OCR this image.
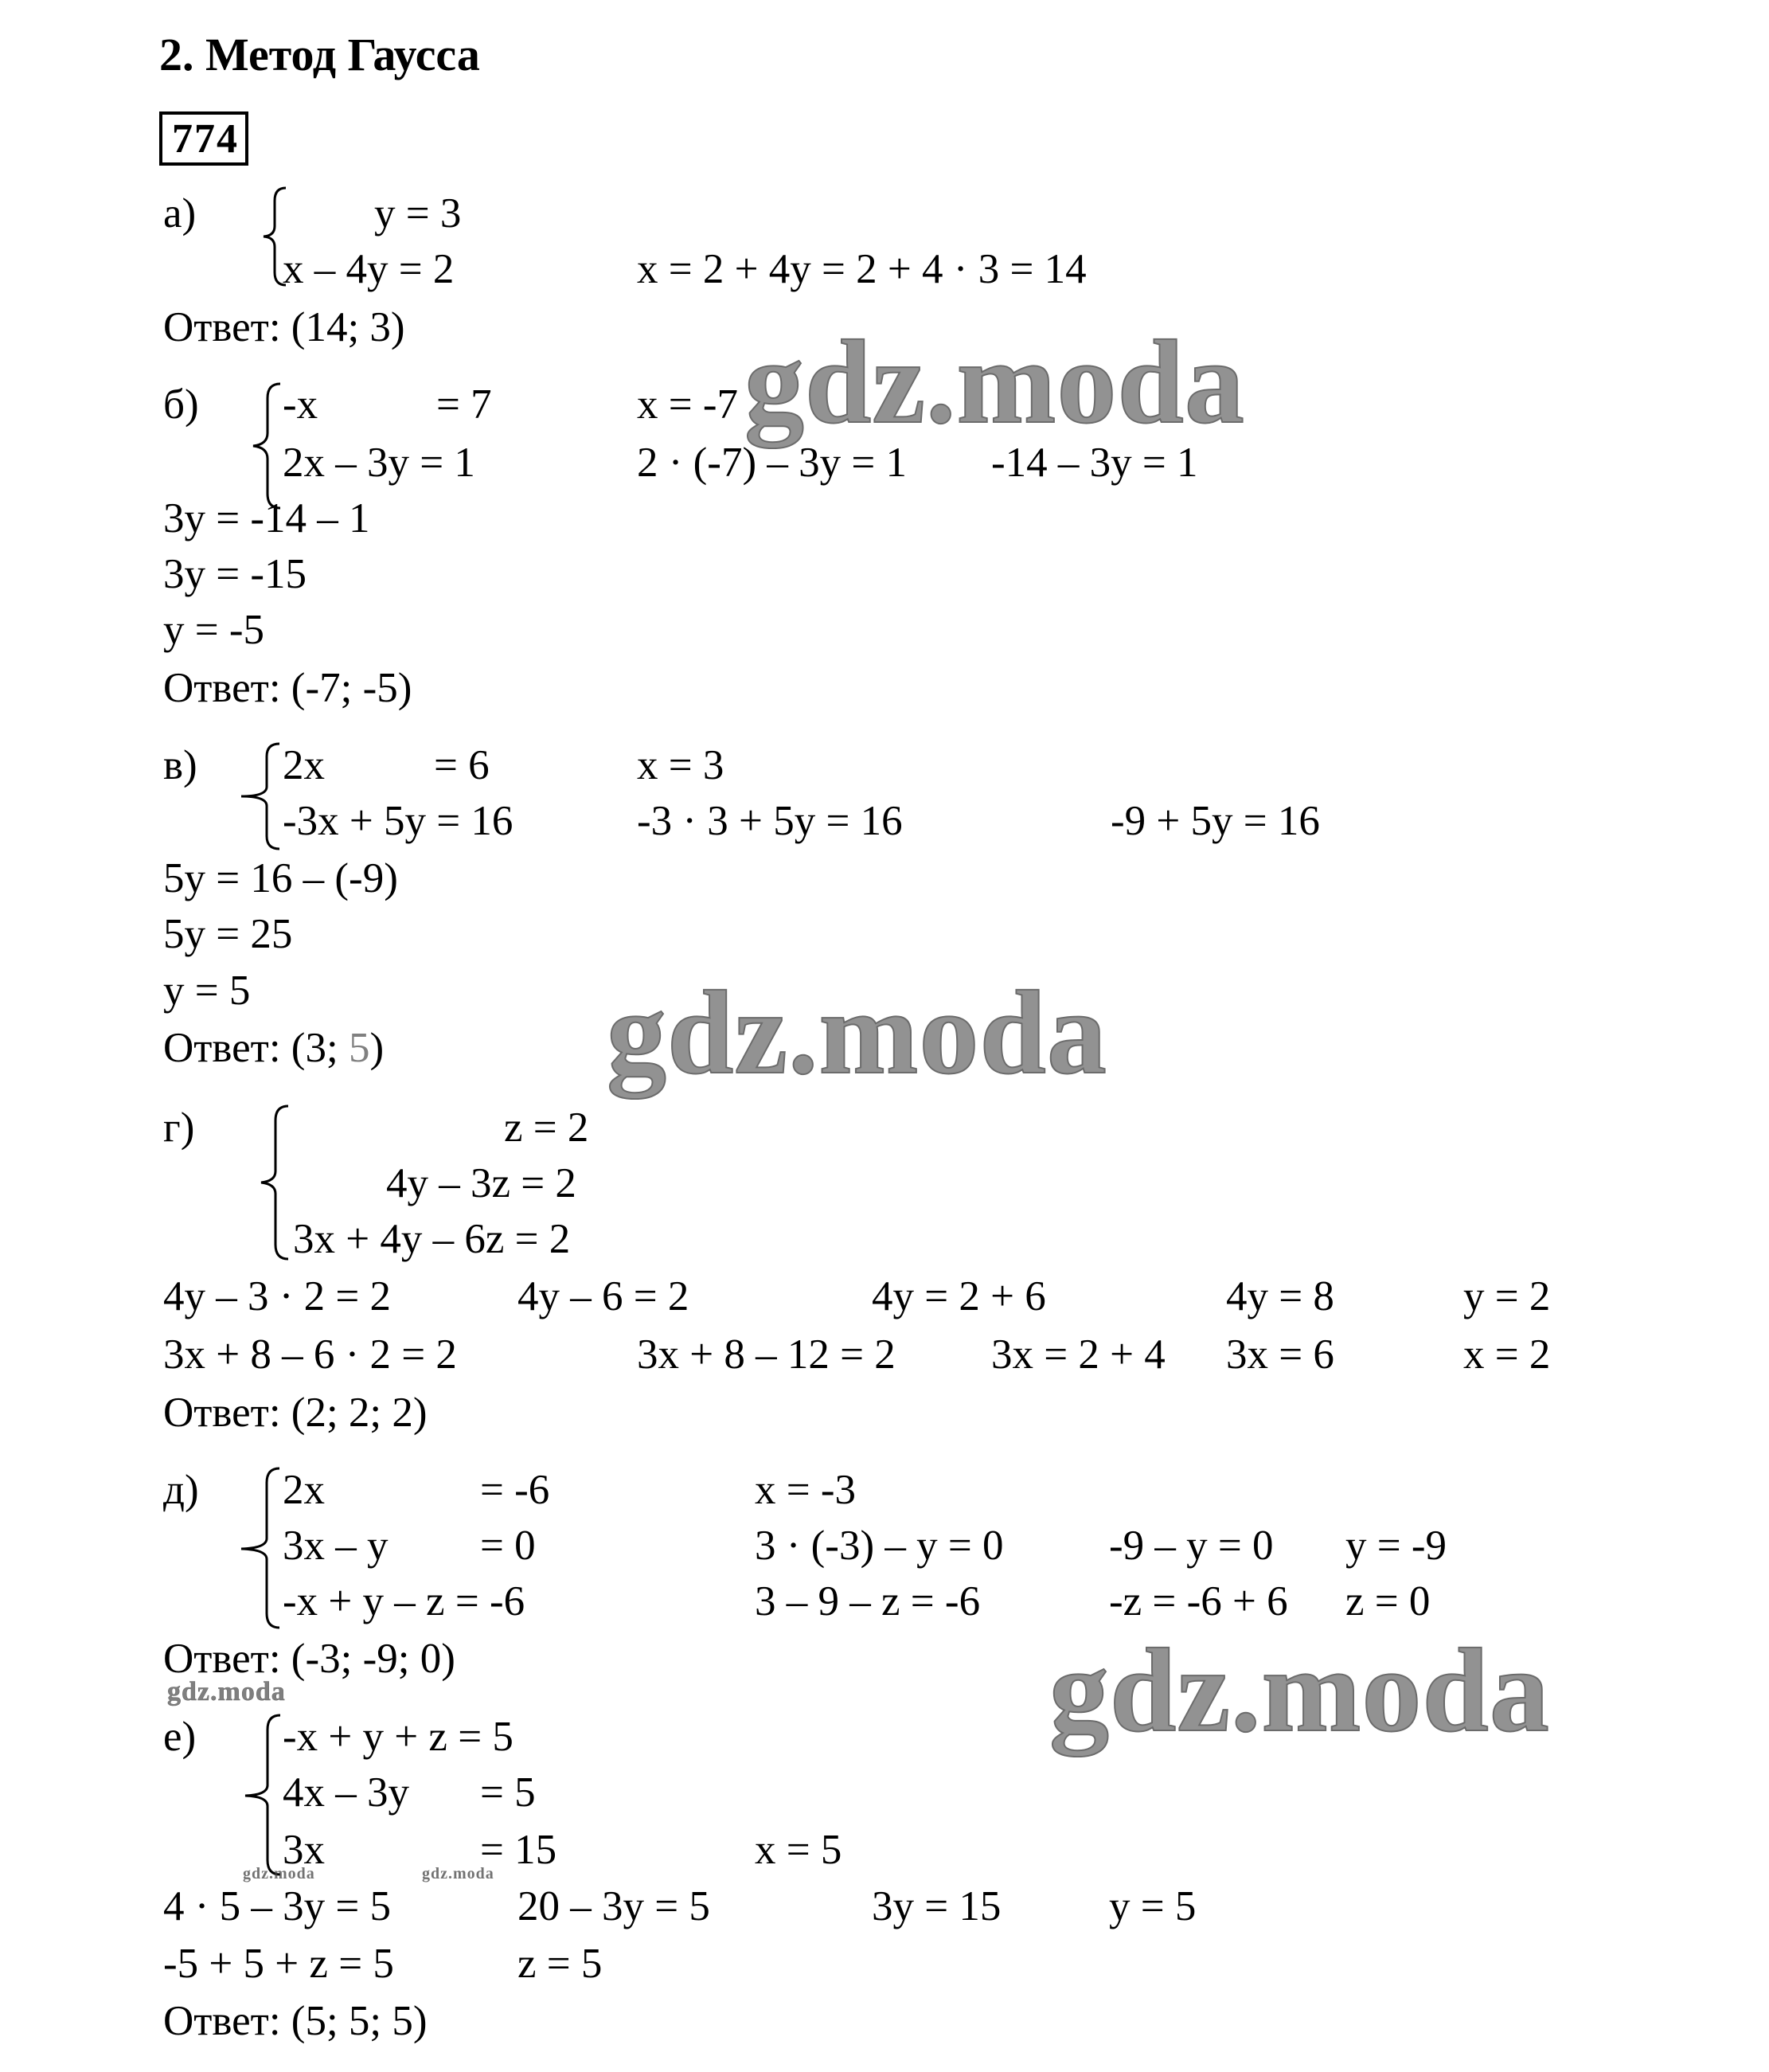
2. Метод Гаусса
774
а)	y = 3
x – 4y = 2	x = 2 + 4y = 2 + 4 · 3 = 14
Ответ: (14; 3)
б) -x	= 7
2x – 3y = 1
x = -7
2 · (-7) – 3y = 1 -14 – 3y = 1
3y = -14 – 1
3y = -15
y = -5
Ответ: (-7; -5)
в) 2x	= 6
-3x + 5y = 16
x = 3
-3 · 3 + 5y = 16	-9 + 5y = 16
5y = 16 – (-9)
5y = 25
y = 5
Ответ: (3; 5)
г)	z = 2
4y – 3z = 2
3x + 4y – 6z = 2
4y – 3 · 2 = 2	4y – 6 = 2	4y = 2 + 6	4y = 8	y = 2
3x + 8 – 6 · 2 = 2	3x + 8 – 12 = 2 3x = 2 + 4 3x = 6	x = 2
Ответ: (2; 2; 2)
д) 2x	= -6
3x – y = 0
-x + y – z = -6
x = -3
3 · (-3) – y = 0
3 – 9 – z = -6
-9 – y = 0
-z = -6 + 6
y = -9
z = 0
Ответ: (-3; -9; 0)
е) -x + y + z = 5
4x – 3y = 5
3x	= 15	x = 5
4 · 5 – 3y = 5	20 – 3y = 5	3y = 15	y = 5
-5 + 5 + z = 5	z = 5
Ответ: (5; 5; 5)
gdz.moda
gdz.moda
gdz.moda
gdz.moda
gdz.moda	gdz.moda
